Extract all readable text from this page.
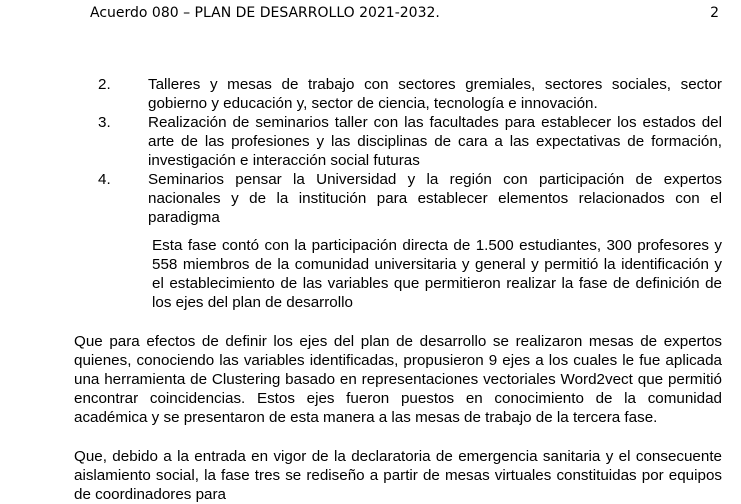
Acuerdo 080 – PLAN DE DESARROLLO 2021-2032.	2
2. Talleres y mesas de trabajo con sectores gremiales, sectores sociales, sector gobierno y educación y, sector de ciencia, tecnología e innovación.
3. Realización de seminarios taller con las facultades para establecer los estados del arte de las profesiones y las disciplinas de cara a las expectativas de formación, investigación e interacción social futuras
4. Seminarios pensar la Universidad y la región con participación de expertos nacionales y de la institución para establecer elementos relacionados con el paradigma
Esta fase contó con la participación directa de 1.500 estudiantes, 300 profesores y 558 miembros de la comunidad universitaria y general y permitió la identificación y el establecimiento de las variables que permitieron realizar la fase de definición de los ejes del plan de desarrollo
Que para efectos de definir los ejes del plan de desarrollo se realizaron mesas de expertos quienes, conociendo las variables identificadas, propusieron 9 ejes a los cuales le fue aplicada una herramienta de Clustering basado en representaciones vectoriales Word2vect que permitió encontrar coincidencias. Estos ejes fueron puestos en conocimiento de la comunidad académica y se presentaron de esta manera a las mesas de trabajo de la tercera fase.
Que, debido a la entrada en vigor de la declaratoria de emergencia sanitaria y el consecuente aislamiento social, la fase tres se rediseño a partir de mesas virtuales constituidas por equipos de coordinadores para
